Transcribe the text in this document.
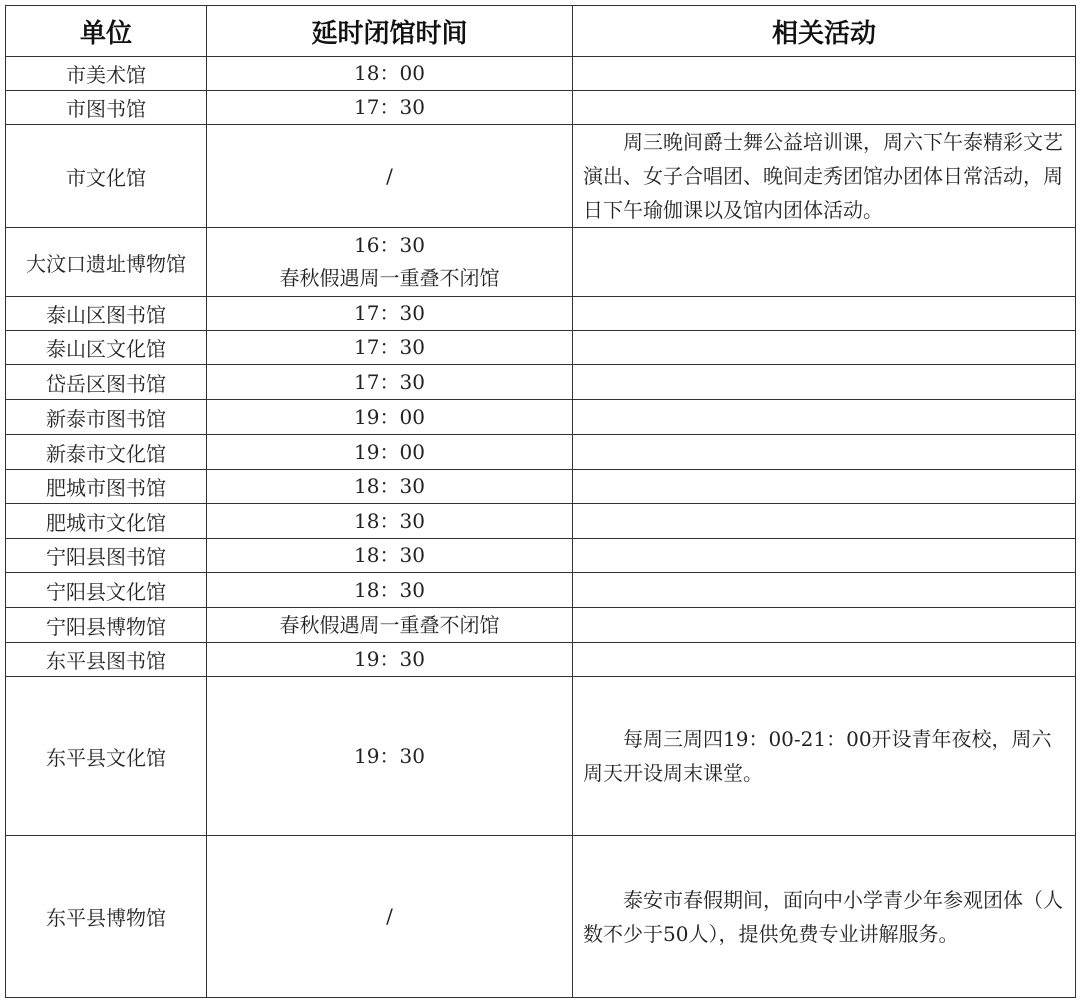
单位	延时闭馆时间	相关活动
市美术馆	18：00	

市图书馆	17：30	

市文化馆	/	周三晚间爵士舞公益培训课，周六下午泰精彩文艺演出、女子合唱团、晚间走秀团馆办团体日常活动，周日下午瑜伽课以及馆内团体活动。

大汶口遗址博物馆	16：30
春秋假遇周一重叠不闭馆	

泰山区图书馆	17：30	

泰山区文化馆	17：30	

岱岳区图书馆	17：30	

新泰市图书馆	19：00	

新泰市文化馆	19：00	

肥城市图书馆	18：30	

肥城市文化馆	18：30	

宁阳县图书馆	18：30	

宁阳县文化馆	18：30	

宁阳县博物馆	春秋假遇周一重叠不闭馆	

东平县图书馆	19：30	

东平县文化馆	19：30	每周三周四19：00-21：00开设青年夜校，周六周天开设周末课堂。

东平县博物馆	/	泰安市春假期间，面向中小学青少年参观团体（人数不少于50人），提供免费专业讲解服务。
